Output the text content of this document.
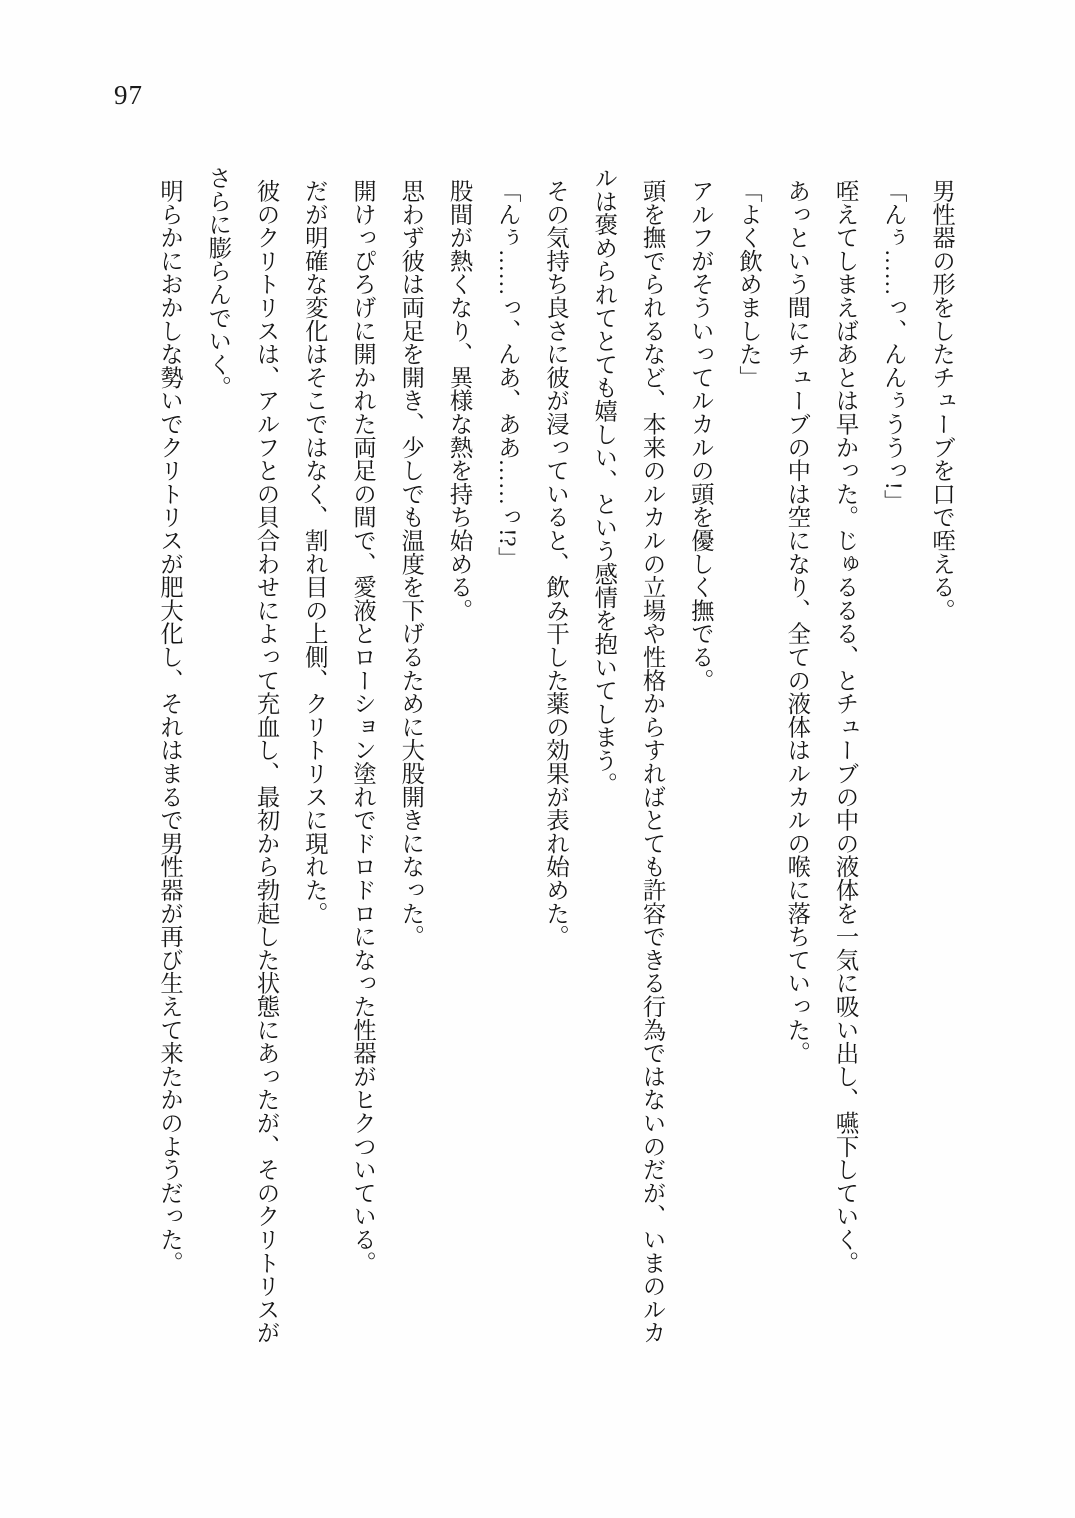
97

男性器の形をしたチューブを口で咥える。

「んぅ……っ、んんぅううっ!」

咥えてしまえばあとは早かった。じゅるるる、とチューブの中の液体を一気に吸い出し、嚥下していく。

あっという間にチューブの中は空になり、全ての液体はルカルの喉に落ちていった。

「よく飲めました」

アルフがそういってルカルの頭を優しく撫でる。

頭を撫でられるなど、本来のルカルの立場や性格からすればとても許容できる行為ではないのだが、いまのルカルは褒められてとても嬉しい、という感情を抱いてしまう。

その気持ち良さに彼が浸っていると、飲み干した薬の効果が表れ始めた。

「んぅ……っ、んあ、ああ……っ!?」

股間が熱くなり、異様な熱を持ち始める。

思わず彼は両足を開き、少しでも温度を下げるために大股開きになった。

開けっぴろげに開かれた両足の間で、愛液とローション塗れでドロドロになった性器がヒクついている。

だが明確な変化はそこではなく、割れ目の上側、クリトリスに現れた。

彼のクリトリスは、アルフとの貝合わせによって充血し、最初から勃起した状態にあったが、そのクリトリスがさらに膨らんでいく。

明らかにおかしな勢いでクリトリスが肥大化し、それはまるで男性器が再び生えて来たかのようだった。
